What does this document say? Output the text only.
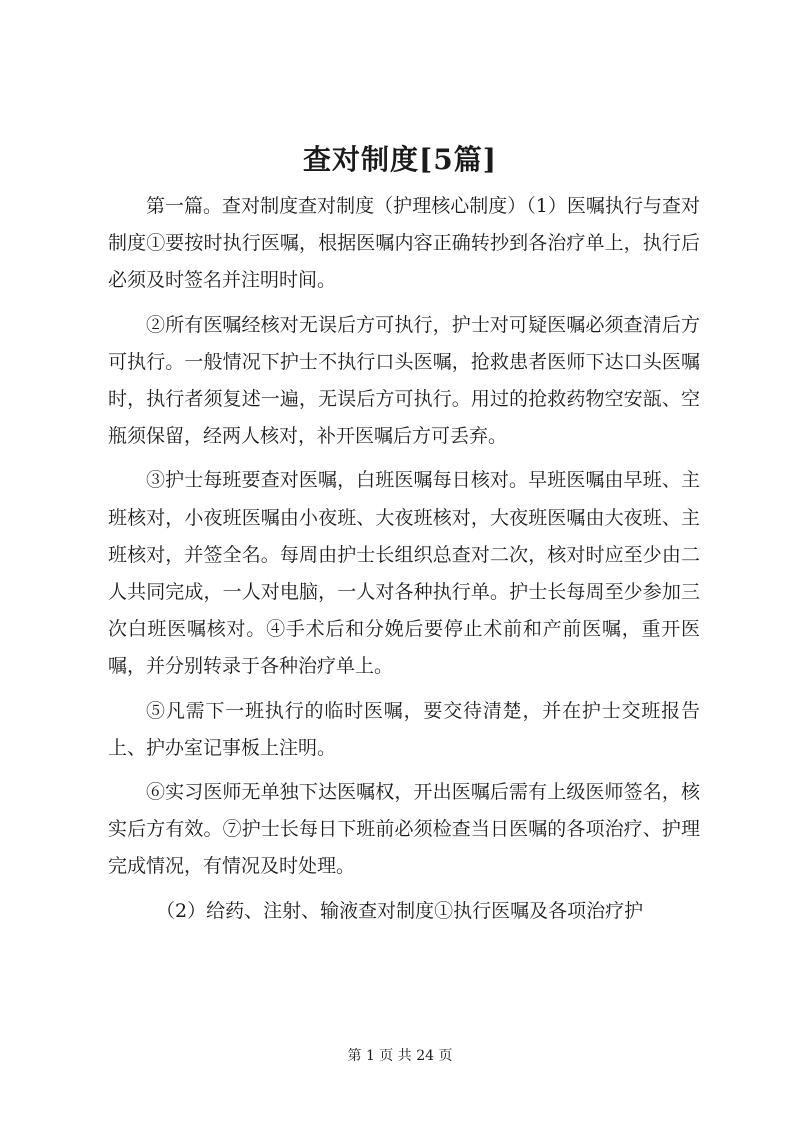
查对制度[5篇]

第一篇。查对制度查对制度（护理核心制度）（1）医嘱执行与查对制度①要按时执行医嘱，根据医嘱内容正确转抄到各治疗单上，执行后必须及时签名并注明时间。

②所有医嘱经核对无误后方可执行，护士对可疑医嘱必须查清后方可执行。一般情况下护士不执行口头医嘱，抢救患者医师下达口头医嘱时，执行者须复述一遍，无误后方可执行。用过的抢救药物空安瓿、空瓶须保留，经两人核对，补开医嘱后方可丢弃。

③护士每班要查对医嘱，白班医嘱每日核对。早班医嘱由早班、主班核对，小夜班医嘱由小夜班、大夜班核对，大夜班医嘱由大夜班、主班核对，并签全名。每周由护士长组织总查对二次，核对时应至少由二人共同完成，一人对电脑，一人对各种执行单。护士长每周至少参加三次白班医嘱核对。④手术后和分娩后要停止术前和产前医嘱，重开医嘱，并分别转录于各种治疗单上。

⑤凡需下一班执行的临时医嘱，要交待清楚，并在护士交班报告上、护办室记事板上注明。

⑥实习医师无单独下达医嘱权，开出医嘱后需有上级医师签名，核实后方有效。⑦护士长每日下班前必须检查当日医嘱的各项治疗、护理完成情况，有情况及时处理。

（2）给药、注射、输液查对制度①执行医嘱及各项治疗护

第 1 页 共 24 页
